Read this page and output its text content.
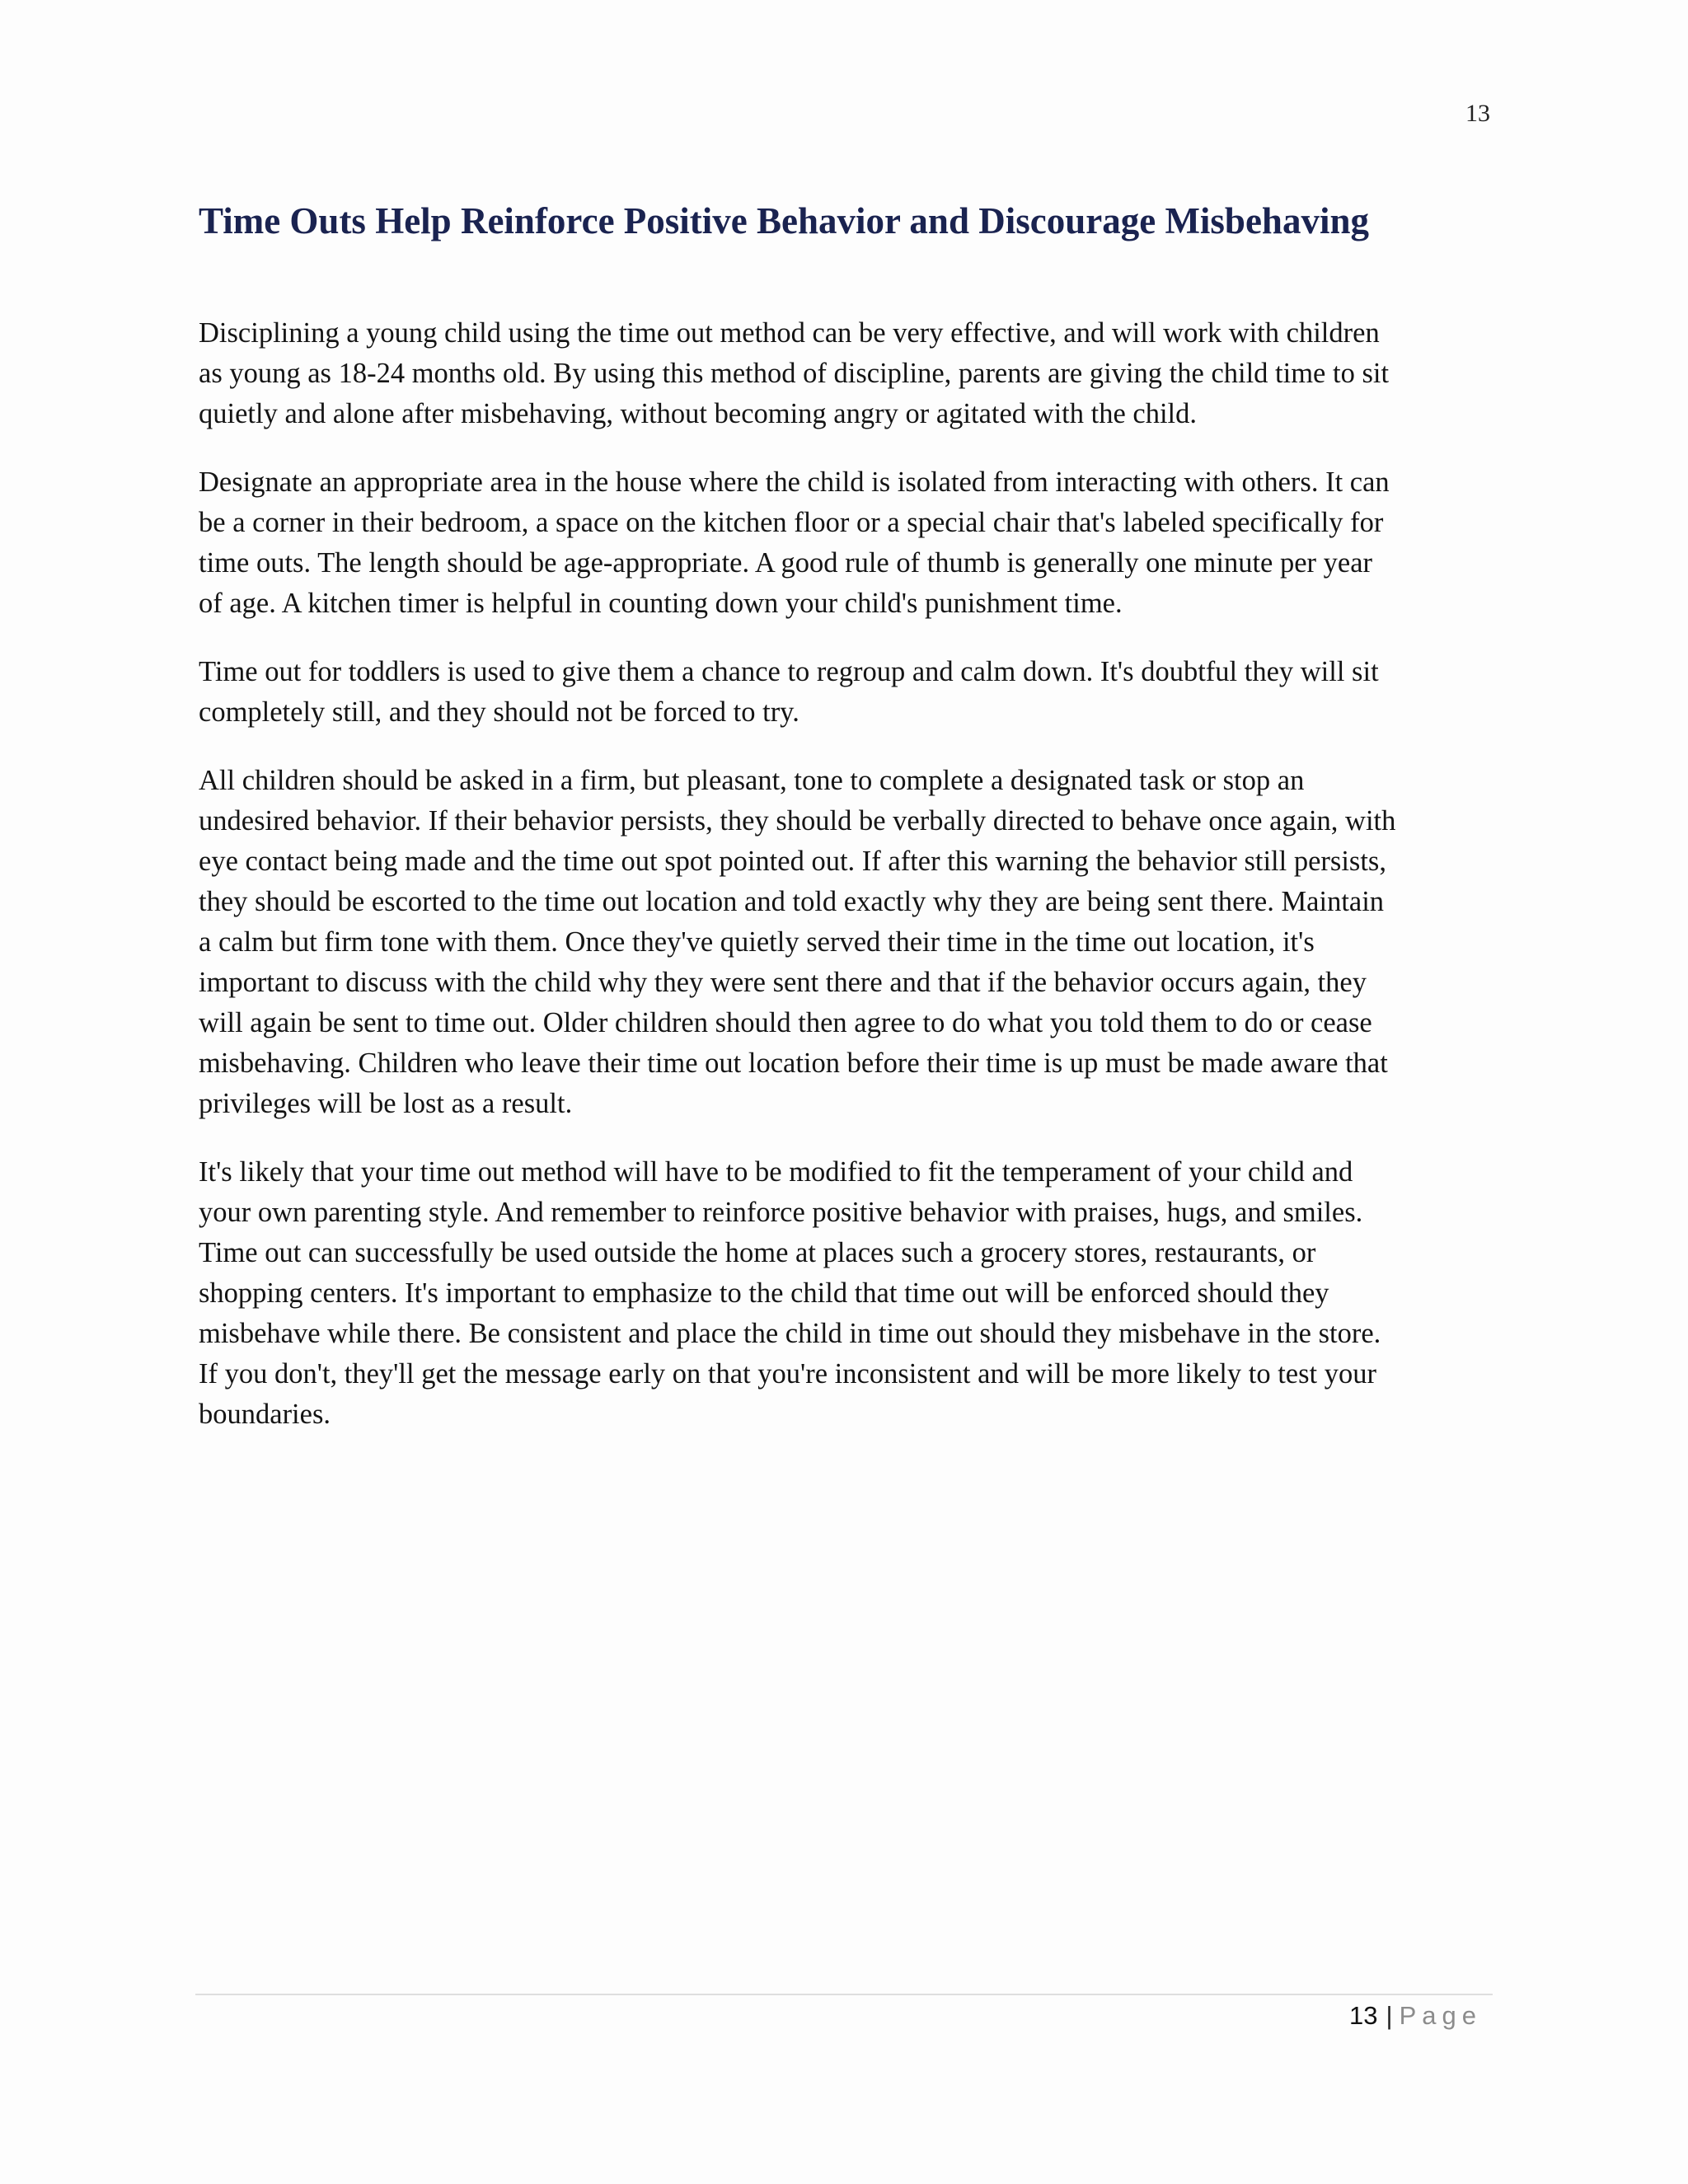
13
Time Outs Help Reinforce Positive Behavior and Discourage Misbehaving

Disciplining a young child using the time out method can be very effective, and will work with children
as young as 18-24 months old. By using this method of discipline, parents are giving the child time to sit
quietly and alone after misbehaving, without becoming angry or agitated with the child.

Designate an appropriate area in the house where the child is isolated from interacting with others. It can
be a corner in their bedroom, a space on the kitchen floor or a special chair that's labeled specifically for
time outs. The length should be age-appropriate. A good rule of thumb is generally one minute per year
of age. A kitchen timer is helpful in counting down your child's punishment time.

Time out for toddlers is used to give them a chance to regroup and calm down. It's doubtful they will sit
completely still, and they should not be forced to try.

All children should be asked in a firm, but pleasant, tone to complete a designated task or stop an
undesired behavior. If their behavior persists, they should be verbally directed to behave once again, with
eye contact being made and the time out spot pointed out. If after this warning the behavior still persists,
they should be escorted to the time out location and told exactly why they are being sent there. Maintain
a calm but firm tone with them. Once they've quietly served their time in the time out location, it's
important to discuss with the child why they were sent there and that if the behavior occurs again, they
will again be sent to time out. Older children should then agree to do what you told them to do or cease
misbehaving. Children who leave their time out location before their time is up must be made aware that
privileges will be lost as a result.

It's likely that your time out method will have to be modified to fit the temperament of your child and
your own parenting style. And remember to reinforce positive behavior with praises, hugs, and smiles.
Time out can successfully be used outside the home at places such a grocery stores, restaurants, or
shopping centers. It's important to emphasize to the child that time out will be enforced should they
misbehave while there. Be consistent and place the child in time out should they misbehave in the store.
If you don't, they'll get the message early on that you're inconsistent and will be more likely to test your
boundaries.

13 | Page
